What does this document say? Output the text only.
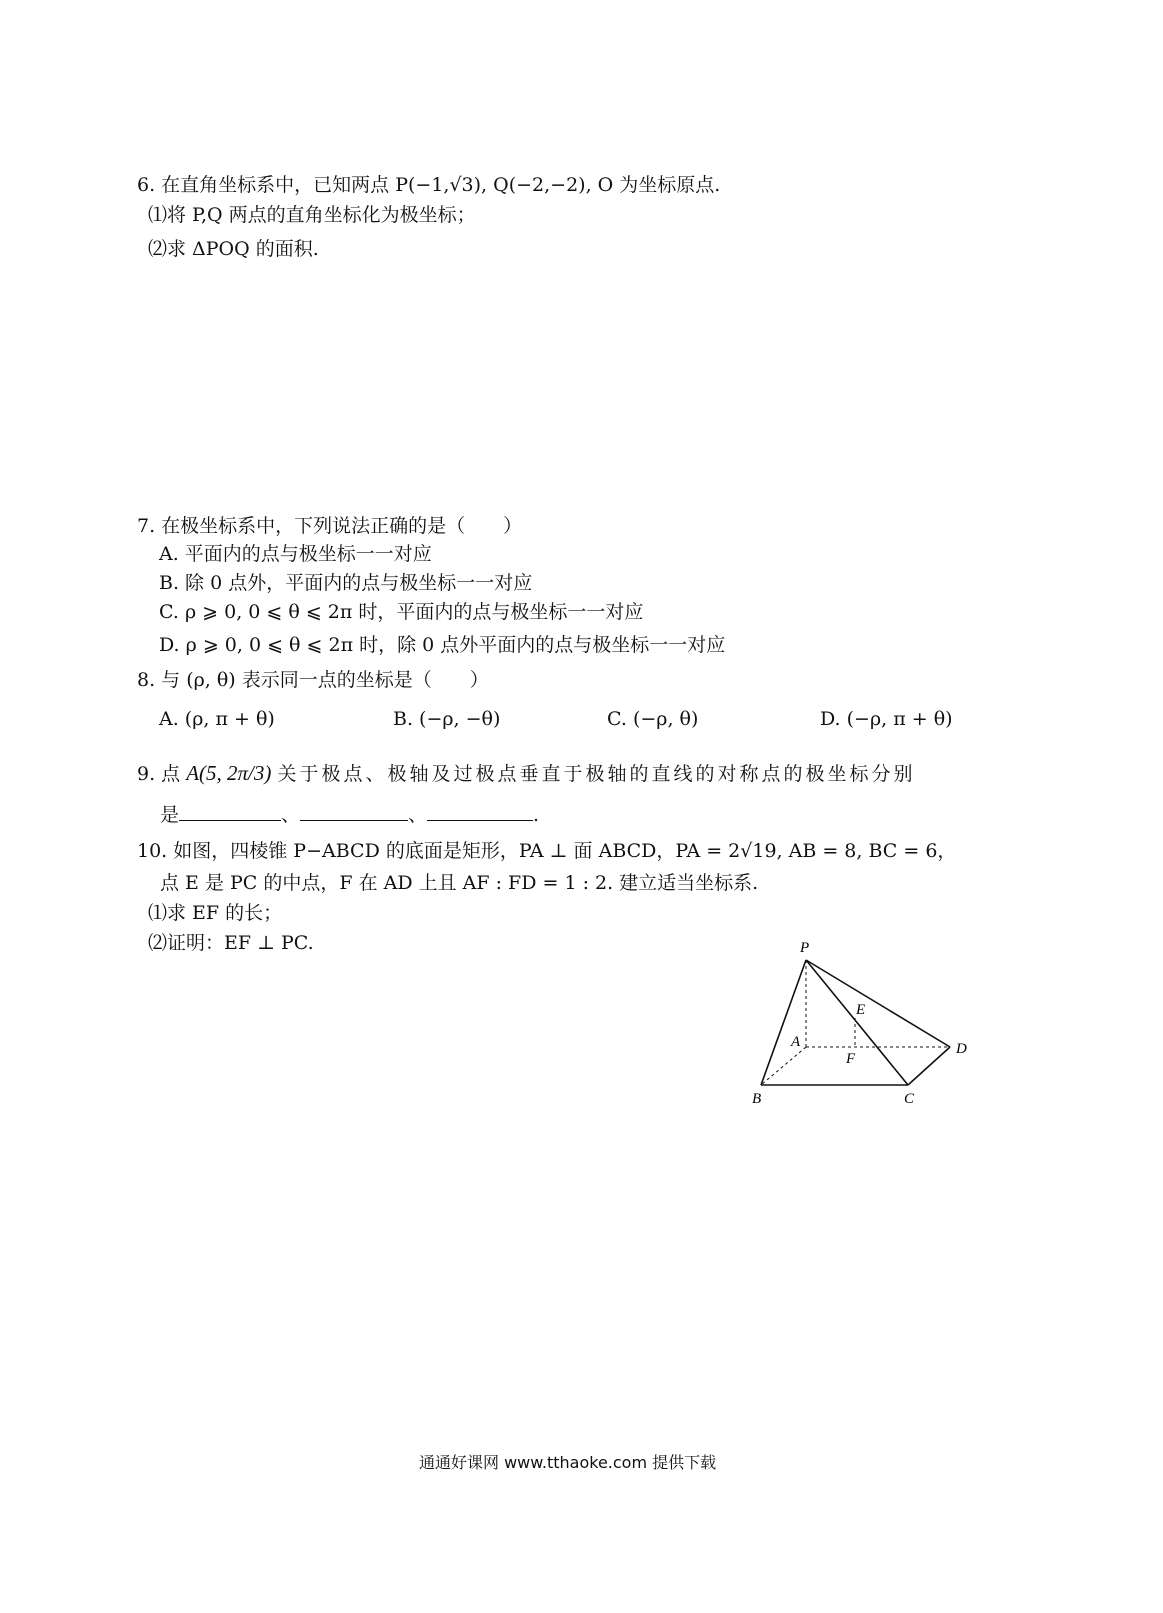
6. 在直角坐标系中，已知两点 P(−1,√3), Q(−2,−2), O 为坐标原点.
⑴将 P,Q 两点的直角坐标化为极坐标；
⑵求 ΔPOQ 的面积.
7. 在极坐标系中，下列说法正确的是（　　）
A. 平面内的点与极坐标一一对应
B. 除 0 点外，平面内的点与极坐标一一对应
C. ρ ⩾ 0, 0 ⩽ θ ⩽ 2π 时，平面内的点与极坐标一一对应
D. ρ ⩾ 0, 0 ⩽ θ ⩽ 2π 时，除 0 点外平面内的点与极坐标一一对应
8. 与 (ρ, θ) 表示同一点的坐标是（　　）
A. (ρ, π + θ)	B. (−ρ, −θ)	C. (−ρ, θ)	D. (−ρ, π + θ)
9. 点 A(5, 2π/3) 关于极点、极轴及过极点垂直于极轴的直线的对称点的极坐标分别
是	、	、	.
10. 如图，四棱锥 P−ABCD 的底面是矩形，PA ⊥ 面 ABCD，PA = 2√19, AB = 8, BC = 6，
点 E 是 PC 的中点，F 在 AD 上且 AF : FD = 1 : 2. 建立适当坐标系.
⑴求 EF 的长；
⑵证明：EF ⊥ PC.	P
E
A
F
D
B	C
通通好课网 www.tthaoke.com 提供下载
